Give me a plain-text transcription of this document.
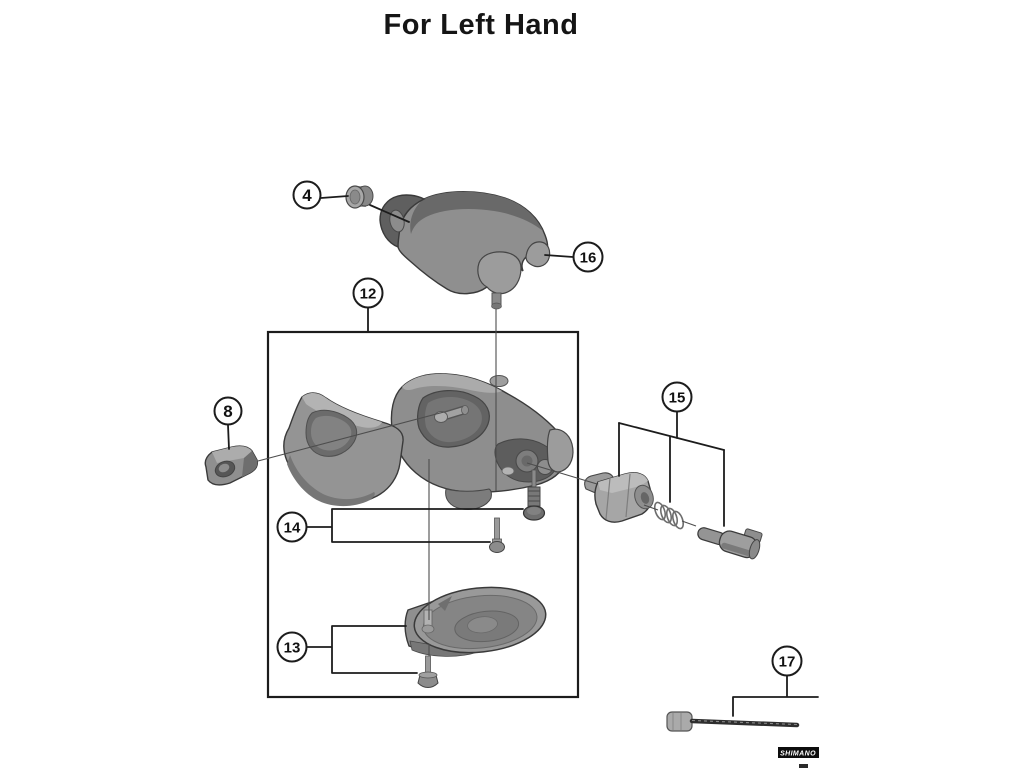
For Left Hand
SHIMANO
4
16
12
8
15
14
13
17
